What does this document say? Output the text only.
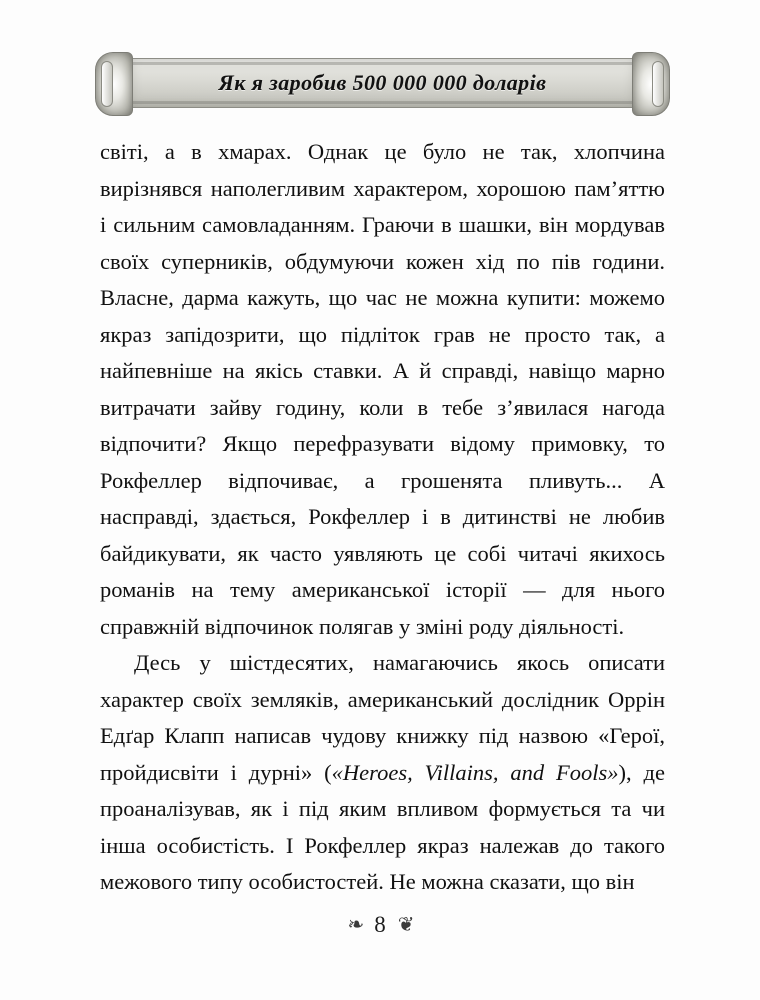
Як я заробив 500 000 000 доларів

світі, а в хмарах. Однак це було не так, хлопчина вирізнявся наполегливим характером, хорошою пам’яттю і сильним самовладанням. Граючи в шашки, він мордував своїх суперників, обдумуючи кожен хід по пів години. Власне, дарма кажуть, що час не можна купити: можемо якраз запідозрити, що підліток грав не просто так, а найпевніше на якісь ставки. А й справді, навіщо марно витрачати зайву годину, коли в тебе з’явилася нагода відпочити? Якщо перефразувати відому примовку, то Рокфеллер відпочиває, а грошенята пливуть... А насправді, здається, Рокфеллер і в дитинстві не любив байдикувати, як часто уявляють це собі читачі якихось романів на тему американської історії — для нього справжній відпочинок полягав у зміні роду діяльності.

Десь у шістдесятих, намагаючись якось описати характер своїх земляків, американський дослідник Оррін Едґар Клапп написав чудову книжку під назвою «Герої, пройдисвіти і дурні» («Heroes, Villains, and Fools»), де проаналізував, як і під яким впливом формується та чи інша особистість. І Рокфеллер якраз належав до такого межового типу особистостей. Не можна сказати, що він

❧ 8 ❦
